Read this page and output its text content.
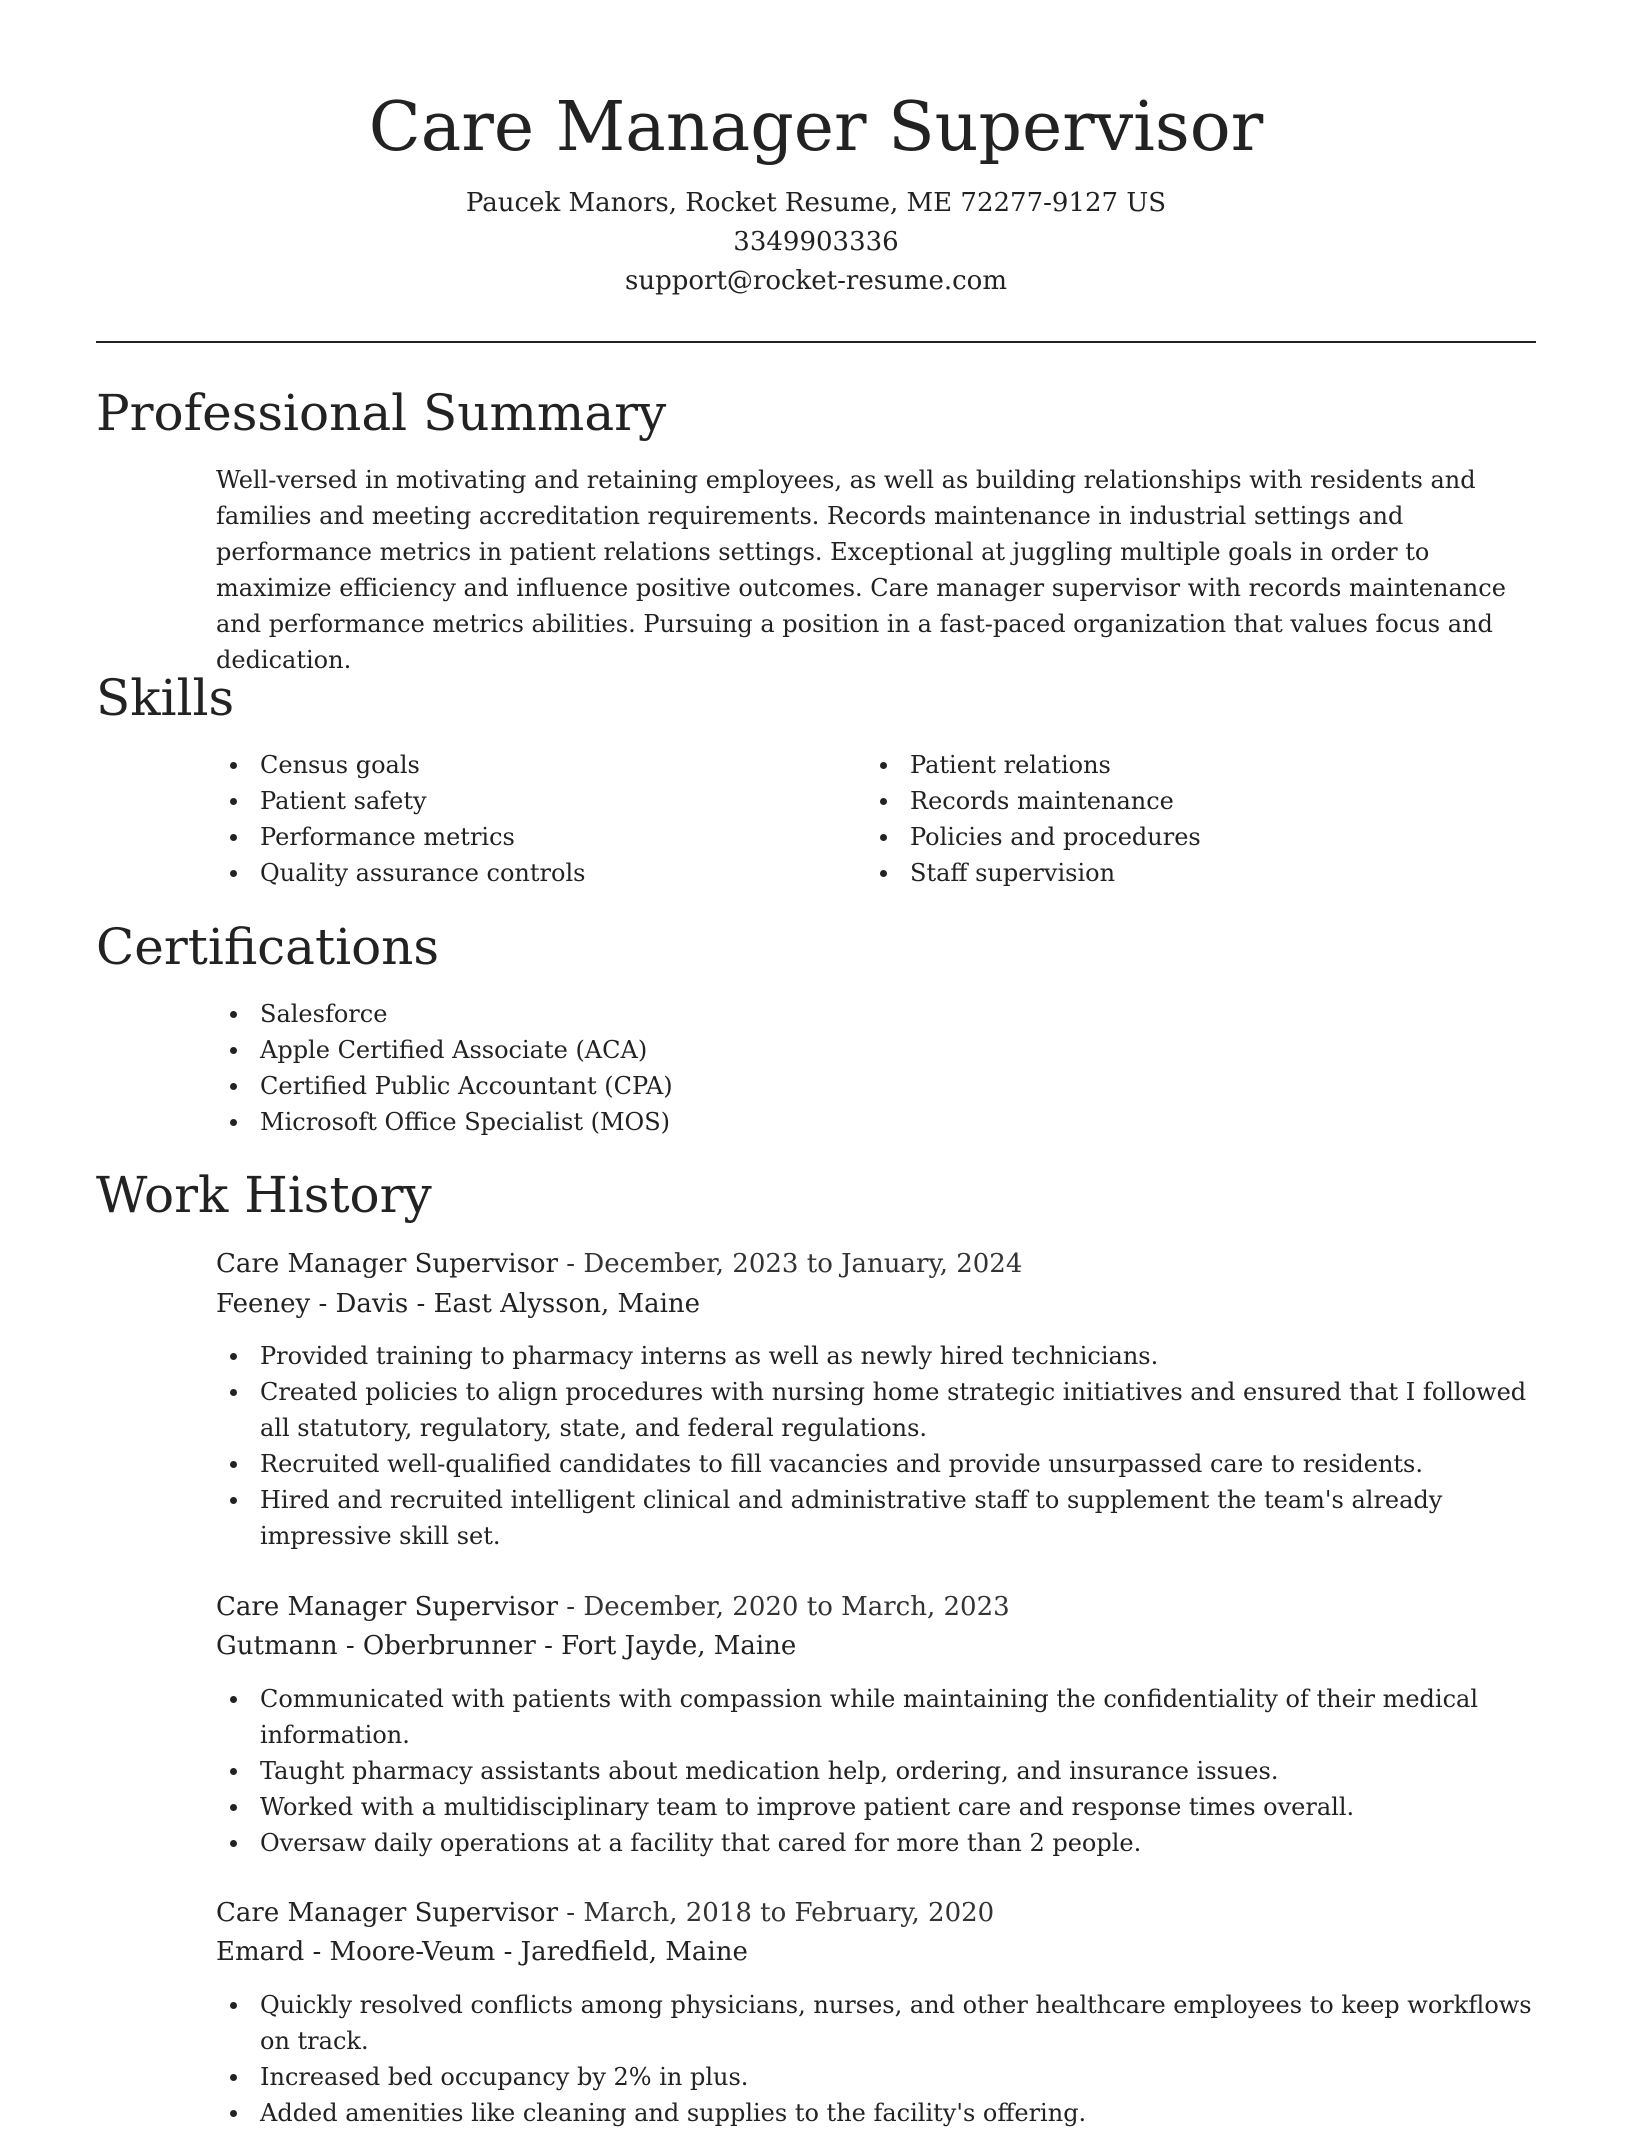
Care Manager Supervisor

Paucek Manors, Rocket Resume, ME 72277-9127 US

3349903336

support@rocket-resume.com

Professional Summary

Well-versed in motivating and retaining employees, as well as building relationships with residents and families and meeting accreditation requirements. Records maintenance in industrial settings and performance metrics in patient relations settings. Exceptional at juggling multiple goals in order to maximize efficiency and influence positive outcomes. Care manager supervisor with records maintenance and performance metrics abilities. Pursuing a position in a fast-paced organization that values focus and dedication.

Skills
Census goals
Patient safety
Performance metrics
Quality assurance controls
Patient relations
Records maintenance
Policies and procedures
Staff supervision
Certifications
Salesforce
Apple Certified Associate (ACA)
Certified Public Accountant (CPA)
Microsoft Office Specialist (MOS)
Work History

Care Manager Supervisor - December, 2023 to January, 2024

Feeney - Davis - East Alysson, Maine

Provided training to pharmacy interns as well as newly hired technicians.
Created policies to align procedures with nursing home strategic initiatives and ensured that I followed all statutory, regulatory, state, and federal regulations.
Recruited well-qualified candidates to fill vacancies and provide unsurpassed care to residents.
Hired and recruited intelligent clinical and administrative staff to supplement the team's already impressive skill set.

Care Manager Supervisor - December, 2020 to March, 2023

Gutmann - Oberbrunner - Fort Jayde, Maine

Communicated with patients with compassion while maintaining the confidentiality of their medical information.
Taught pharmacy assistants about medication help, ordering, and insurance issues.
Worked with a multidisciplinary team to improve patient care and response times overall.
Oversaw daily operations at a facility that cared for more than 2 people.

Care Manager Supervisor - March, 2018 to February, 2020

Emard - Moore-Veum - Jaredfield, Maine

Quickly resolved conflicts among physicians, nurses, and other healthcare employees to keep workflows on track.
Increased bed occupancy by 2% in plus.
Added amenities like cleaning and supplies to the facility's offering.
